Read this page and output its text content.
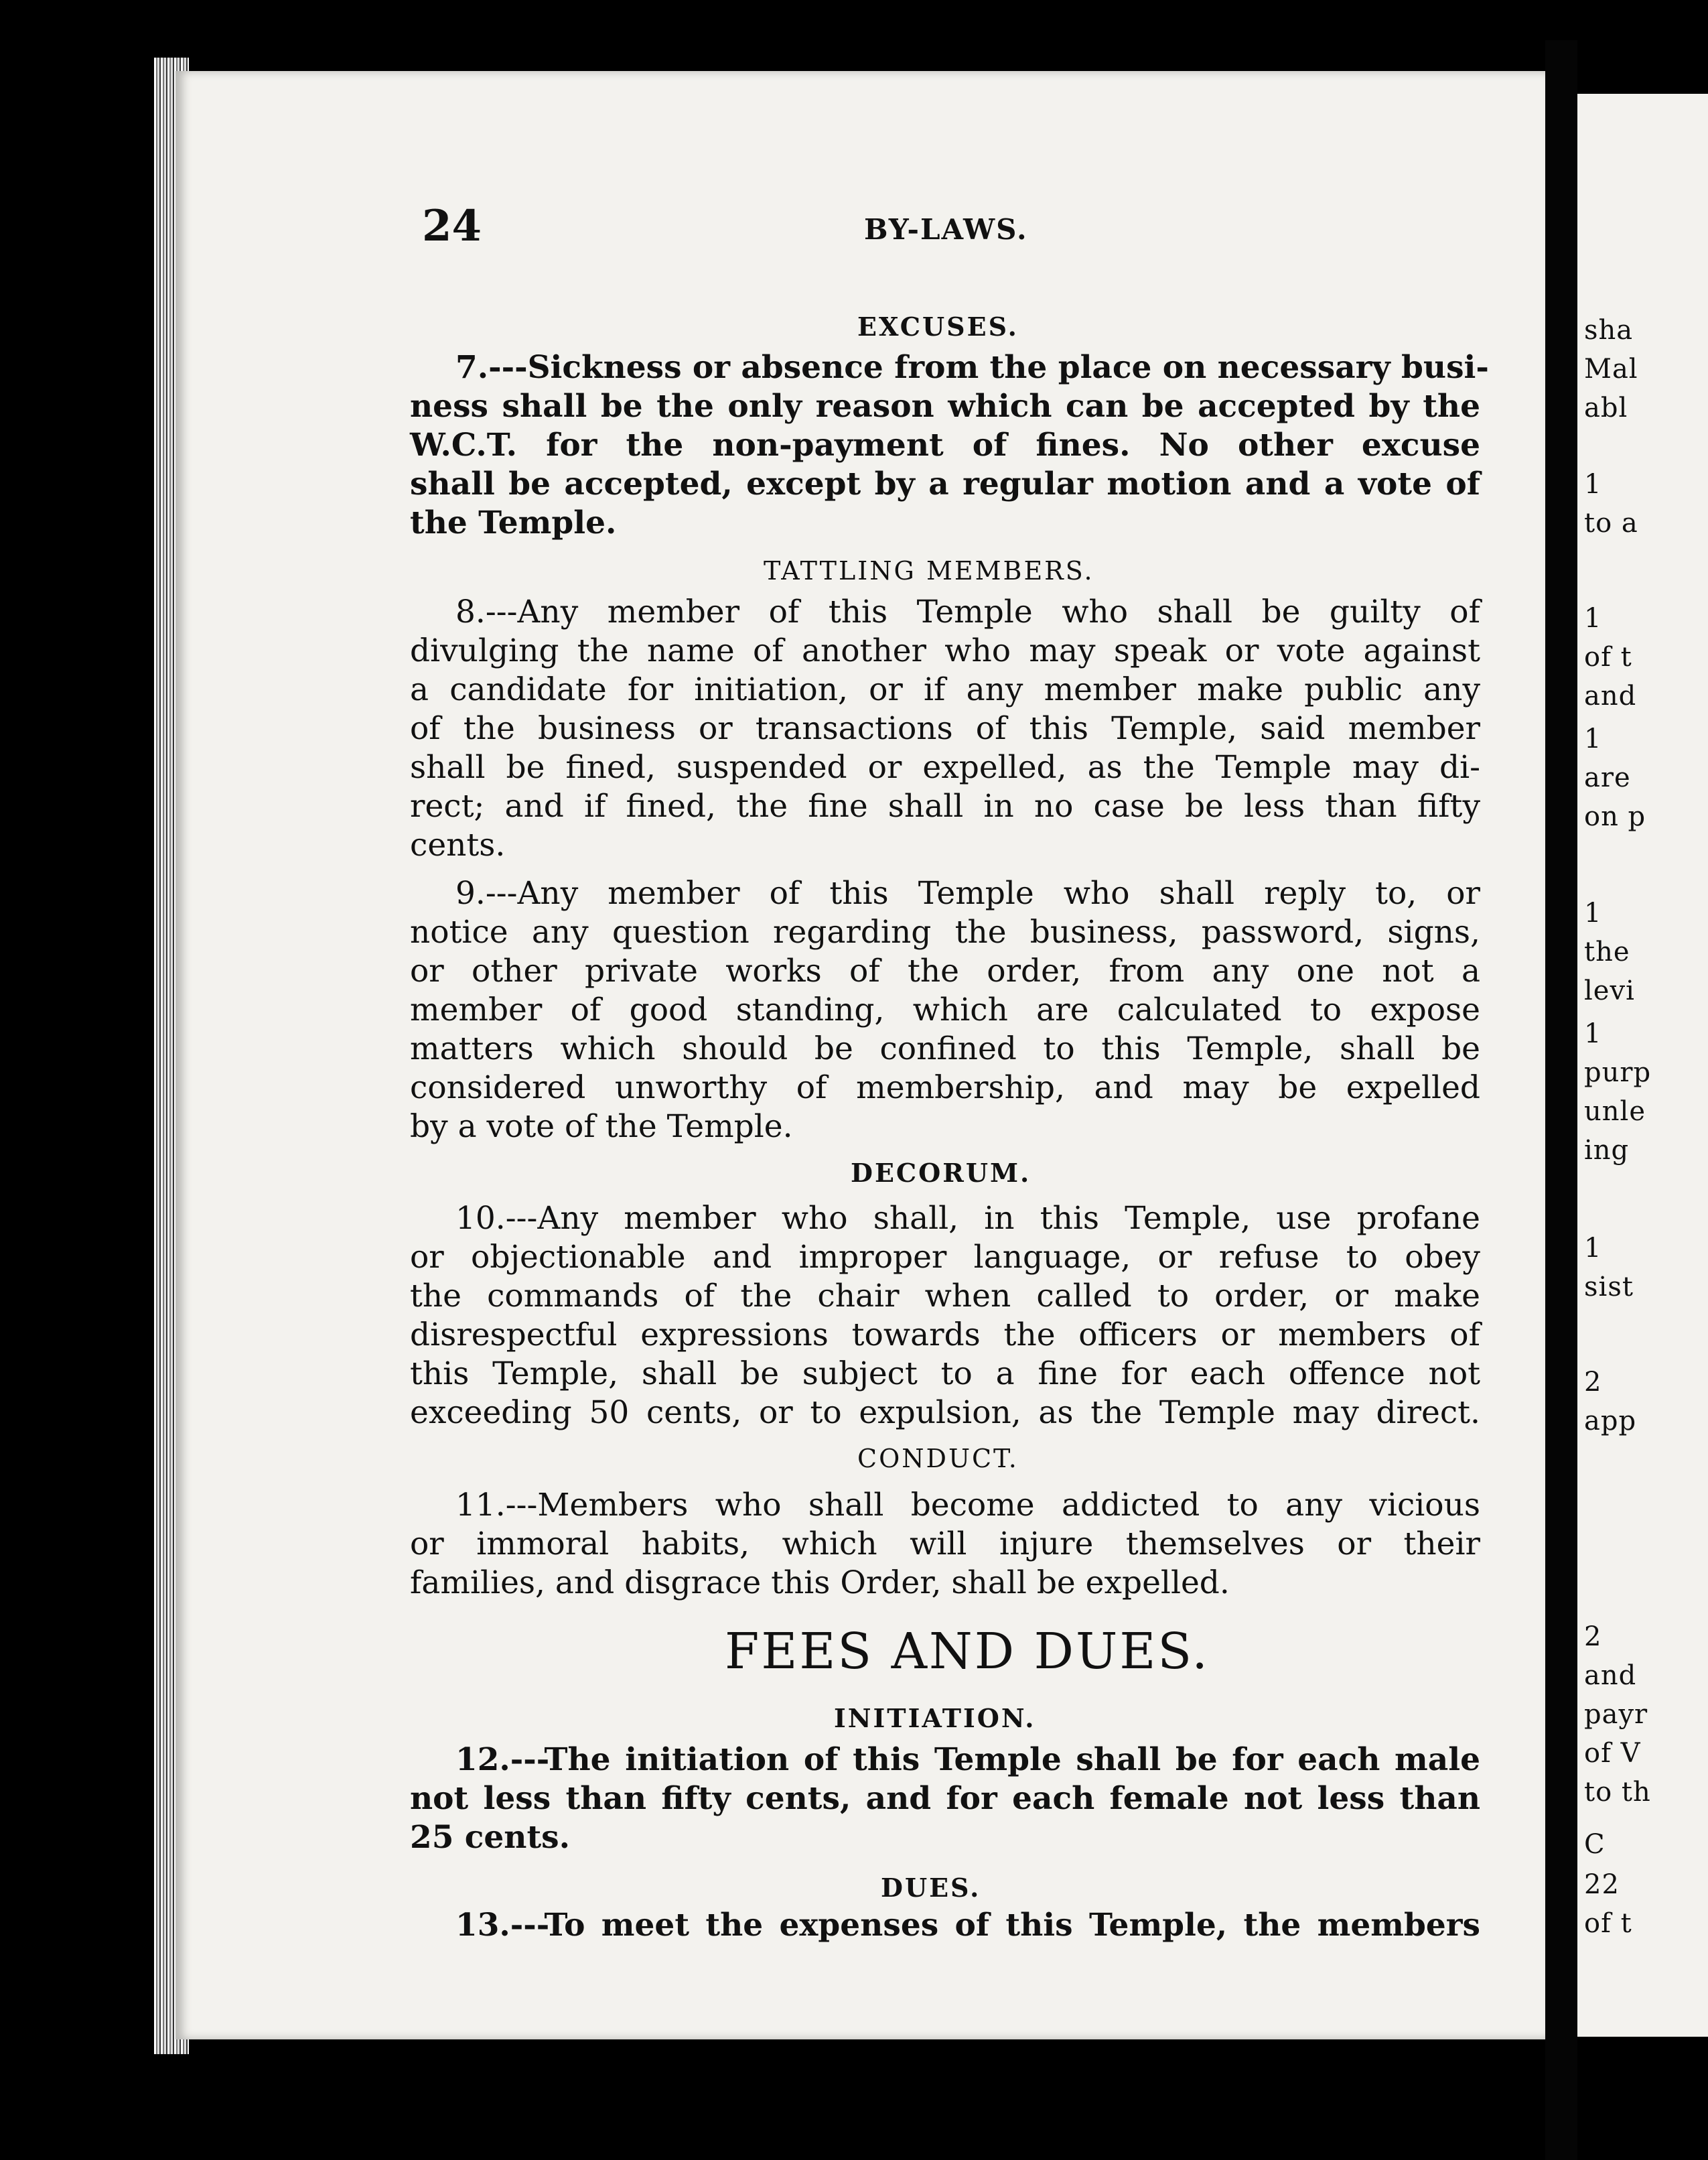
sha
Mal
abl
1
to a
1
of t
and
1
are
on p
1
the
levi
1
purp
unle
ing
1
sist
2
app
2
and
payr
of V
to th
C
22
of t
24	BY-LAWS.
EXCUSES.
7.---Sickness or absence from the place on necessary busi-
ness shall be the only reason which can be accepted by the
W.C.T. for the non-payment of fines. No other excuse
shall be accepted, except by a regular motion and a vote of
the Temple.
TATTLING MEMBERS.
8.---Any member of this Temple who shall be guilty of
divulging the name of another who may speak or vote against
a candidate for initiation, or if any member make public any
of the business or transactions of this Temple, said member
shall be fined, suspended or expelled, as the Temple may di-
rect; and if fined, the fine shall in no case be less than fifty
cents.
9.---Any member of this Temple who shall reply to, or
notice any question regarding the business, password, signs,
or other private works of the order, from any one not a
member of good standing, which are calculated to expose
matters which should be confined to this Temple, shall be
considered unworthy of membership, and may be expelled
by a vote of the Temple.
DECORUM.
10.---Any member who shall, in this Temple, use profane
or objectionable and improper language, or refuse to obey
the commands of the chair when called to order, or make
disrespectful expressions towards the officers or members of
this Temple, shall be subject to a fine for each offence not
exceeding 50 cents, or to expulsion, as the Temple may direct.
CONDUCT.
11.---Members who shall become addicted to any vicious
or immoral habits, which will injure themselves or their
families, and disgrace this Order, shall be expelled.
FEES AND DUES.
INITIATION.
12.---The initiation of this Temple shall be for each male
not less than fifty cents, and for each female not less than
25 cents.
DUES.
13.---To meet the expenses of this Temple, the members
